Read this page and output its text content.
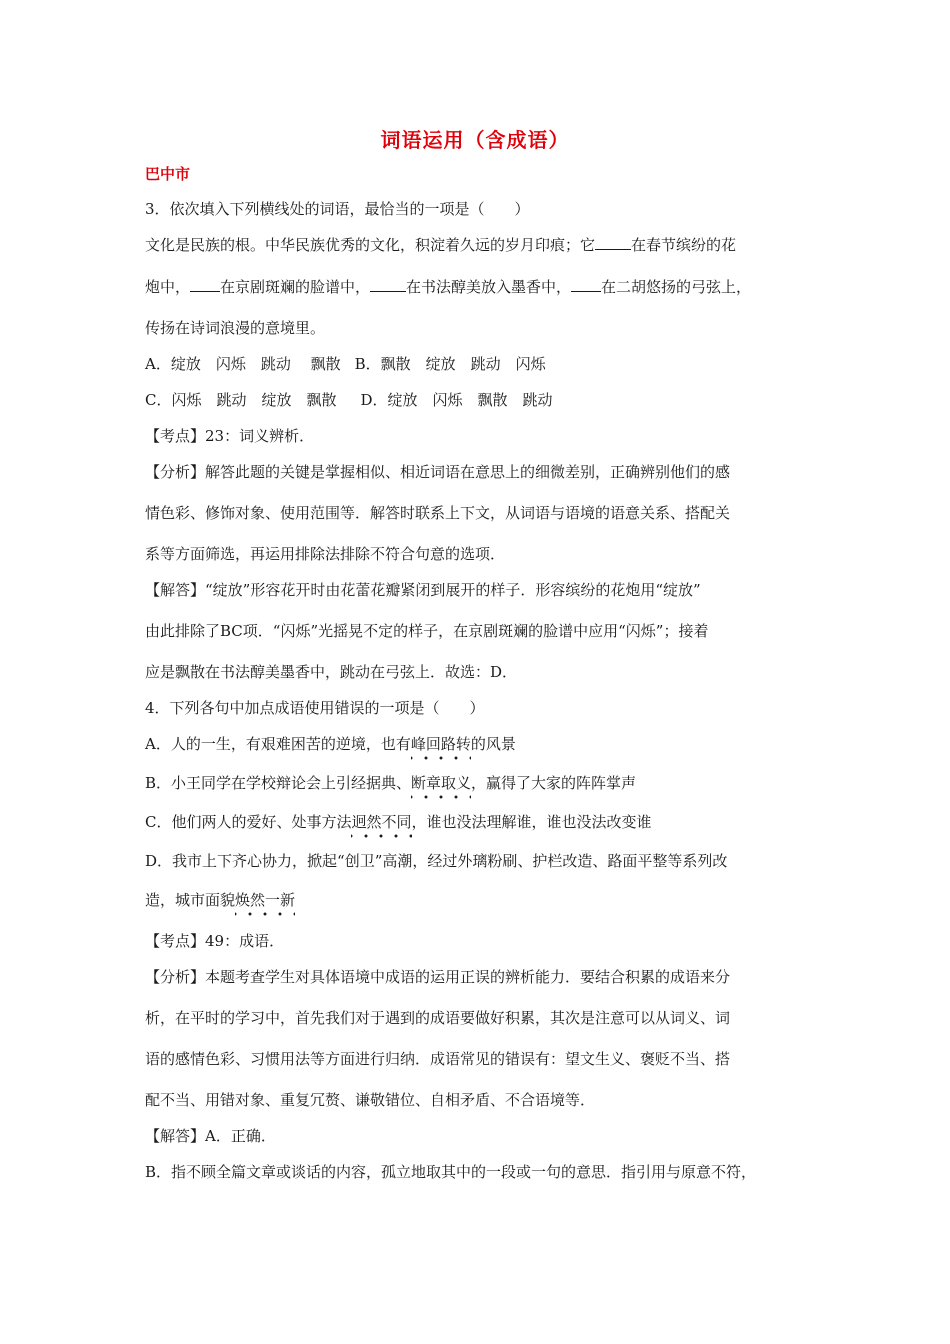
词语运用（含成语）
巴中市
3．依次填入下列横线处的词语，最恰当的一项是（　　）
文化是民族的根。中华民族优秀的文化，积淀着久远的岁月印痕；它 在春节缤纷的花
炮中， 在京剧斑斓的脸谱中， 在书法醇美放入墨香中， 在二胡悠扬的弓弦上，
传扬在诗词浪漫的意境里。
A．绽放　闪烁　跳动　 飘散 B．飘散　绽放　跳动　闪烁
C．闪烁　跳动　绽放　飘散 D．绽放　闪烁　飘散　跳动
【考点】23：词义辨析．
【分析】解答此题的关键是掌握相似、相近词语在意思上的细微差别，正确辨别他们的感
情色彩、修饰对象、使用范围等．解答时联系上下文，从词语与语境的语意关系、搭配关
系等方面筛选，再运用排除法排除不符合句意的选项．
【解答】“绽放”形容花开时由花蕾花瓣紧闭到展开的样子．形容缤纷的花炮用“绽放”
由此排除了BC项．“闪烁”光摇晃不定的样子，在京剧斑斓的脸谱中应用“闪烁”；接着
应是飘散在书法醇美墨香中，跳动在弓弦上．故选：D．
4．下列各句中加点成语使用错误的一项是（　　）
A．人的一生，有艰难困苦的逆境，也有峰回路转的风景
B．小王同学在学校辩论会上引经据典、断章取义，赢得了大家的阵阵掌声
C．他们两人的爱好、处事方法迥然不同，谁也没法理解谁，谁也没法改变谁
D．我市上下齐心协力，掀起“创卫”高潮，经过外璃粉刷、护栏改造、路面平整等系列改
造，城市面貌焕然一新
【考点】49：成语．
【分析】本题考查学生对具体语境中成语的运用正误的辨析能力．要结合积累的成语来分
析，在平时的学习中，首先我们对于遇到的成语要做好积累，其次是注意可以从词义、词
语的感情色彩、习惯用法等方面进行归纳．成语常见的错误有：望文生义、褒贬不当、搭
配不当、用错对象、重复冗赘、谦敬错位、自相矛盾、不合语境等．
【解答】A．正确．
B．指不顾全篇文章或谈话的内容，孤立地取其中的一段或一句的意思．指引用与原意不符，
